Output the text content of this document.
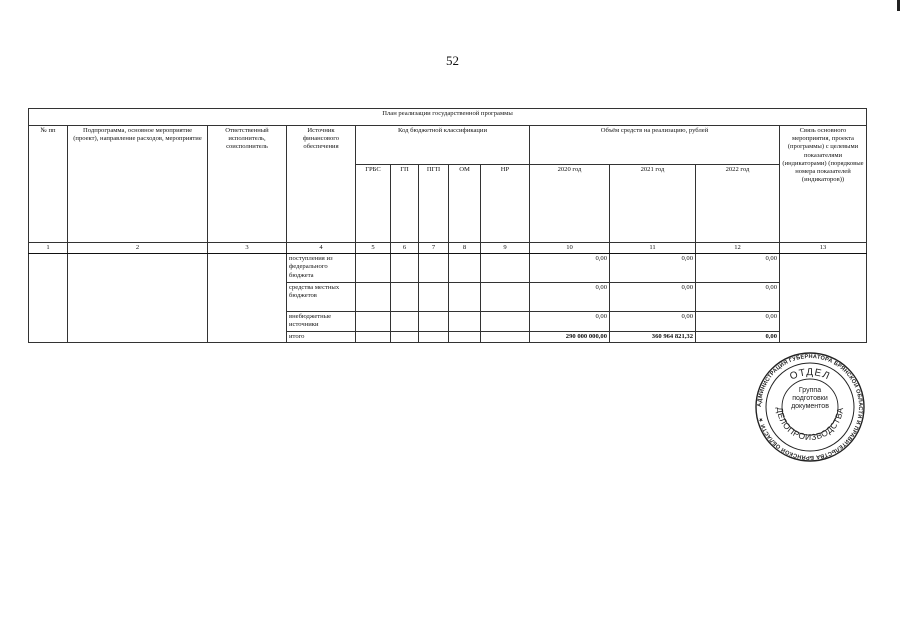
52
План реализации государственной программы												
№ пп	Подпрограмма, основное мероприятие (проект), направление расходов, мероприятие	Ответственный исполнитель, соисполнитель	Источник финансового обеспечения	Код бюджетной классификации					Объём средств на реализацию, рублей			Связь основного мероприятия, проекта (программы) с целевыми показателями (индикаторами) (порядковые номера показателей (индикаторов))
				ГРБС	ГП	ПГП	ОМ	НР	2020 год	2021 год	2022 год	
1	2	3	4	5	6	7	8	9	10	11	12	13
			поступления из федерального бюджета						0,00	0,00	0,00	
			средства местных бюджетов						0,00	0,00	0,00	
			внебюджетные источники						0,00	0,00	0,00	
			итого						290 000 000,00	360 964 821,32	0,00	
АДМИНИСТРАЦИЯ ГУБЕРНАТОРА БРЯНСКОЙ ОБЛАСТИ И ПРАВИТЕЛЬСТВА БРЯНСКОЙ ОБЛАСТИ ★
ОТДЕЛ
ДЕЛОПРОИЗВОДСТВА
Группа
подготовки
документов
